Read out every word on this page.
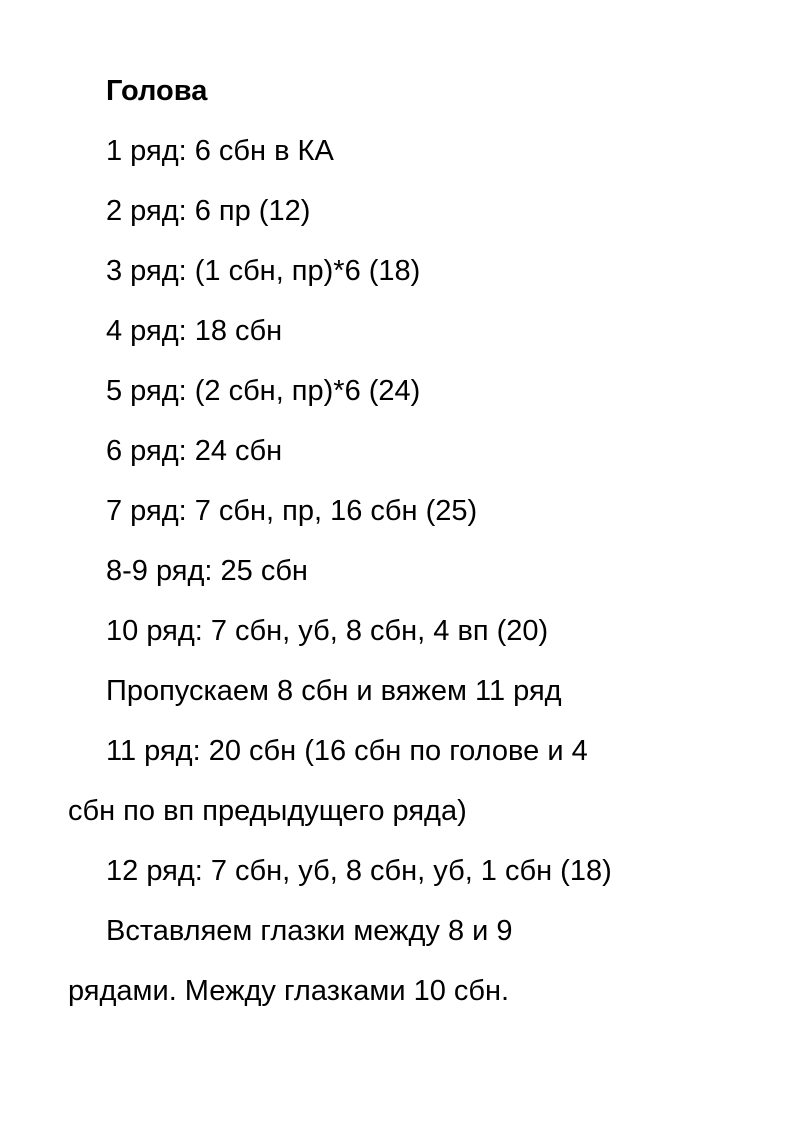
Голова

1 ряд: 6 сбн в КА

2 ряд: 6 пр (12)

3 ряд: (1 сбн, пр)*6 (18)

4 ряд: 18 сбн

5 ряд: (2 сбн, пр)*6 (24)

6 ряд: 24 сбн

7 ряд: 7 сбн, пр, 16 сбн (25)

8-9 ряд: 25 сбн

10 ряд: 7 сбн, уб, 8 сбн, 4 вп (20)

Пропускаем 8 сбн и вяжем 11 ряд

11 ряд: 20 сбн (16 сбн по голове и 4

сбн по вп предыдущего ряда)

12 ряд: 7 сбн, уб, 8 сбн, уб, 1 сбн (18)

Вставляем глазки между 8 и 9

рядами. Между глазками 10 сбн.
